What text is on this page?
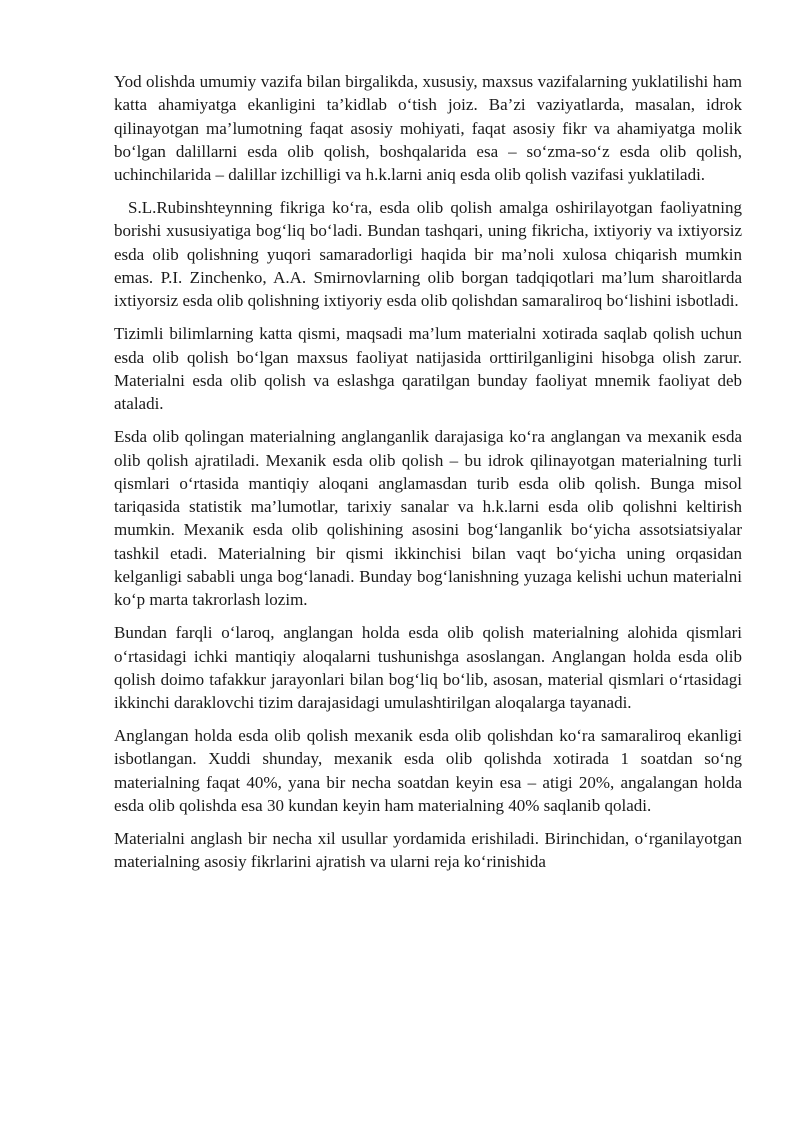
Yod olishda umumiy vazifa bilan birgalikda, xususiy, maxsus vazifalarning yuklatilishi ham katta ahamiyatga ekanligini ta’kidlab o‘tish joiz. Ba’zi vaziyatlarda, masalan, idrok qilinayotgan ma’lumotning faqat asosiy mohiyati, faqat asosiy fikr va ahamiyatga molik bo‘lgan dalillarni esda olib qolish, boshqalarida esa – so‘zma-so‘z esda olib qolish, uchinchilarida – dalillar izchilligi va h.k.larni aniq esda olib qolish vazifasi yuklatiladi.

S.L.Rubinshteynning fikriga ko‘ra, esda olib qolish amalga oshirilayotgan faoliyatning borishi xususiyatiga bog‘liq bo‘ladi. Bundan tashqari, uning fikricha, ixtiyoriy va ixtiyorsiz esda olib qolishning yuqori samaradorligi haqida bir ma’noli xulosa chiqarish mumkin emas. P.I. Zinchenko, A.A. Smirnovlarning olib borgan tadqiqotlari ma’lum sharoitlarda ixtiyorsiz esda olib qolishning ixtiyoriy esda olib qolishdan samaraliroq bo‘lishini isbotladi.

Tizimli bilimlarning katta qismi, maqsadi ma’lum materialni xotirada saqlab qolish uchun esda olib qolish bo‘lgan maxsus faoliyat natijasida orttirilganligini hisobga olish zarur. Materialni esda olib qolish va eslashga qaratilgan bunday faoliyat mnemik faoliyat deb ataladi.

Esda olib qolingan materialning anglanganlik darajasiga ko‘ra anglangan va mexanik esda olib qolish ajratiladi. Mexanik esda olib qolish – bu idrok qilinayotgan materialning turli qismlari o‘rtasida mantiqiy aloqani anglamasdan turib esda olib qolish. Bunga misol tariqasida statistik ma’lumotlar, tarixiy sanalar va h.k.larni esda olib qolishni keltirish mumkin. Mexanik esda olib qolishining asosini bog‘langanlik bo‘yicha assotsiatsiyalar tashkil etadi. Materialning bir qismi ikkinchisi bilan vaqt bo‘yicha uning orqasidan kelganligi sababli unga bog‘lanadi. Bunday bog‘lanishning yuzaga kelishi uchun materialni ko‘p marta takrorlash lozim.

Bundan farqli o‘laroq, anglangan holda esda olib qolish materialning alohida qismlari o‘rtasidagi ichki mantiqiy aloqalarni tushunishga asoslangan. Anglangan holda esda olib qolish doimo tafakkur jarayonlari bilan bog‘liq bo‘lib, asosan, material qismlari o‘rtasidagi ikkinchi daraklovchi tizim darajasidagi umulashtirilgan aloqalarga tayanadi.

Anglangan holda esda olib qolish mexanik esda olib qolishdan ko‘ra samaraliroq ekanligi isbotlangan. Xuddi shunday, mexanik esda olib qolishda xotirada 1 soatdan so‘ng materialning faqat 40%, yana bir necha soatdan keyin esa – atigi 20%, angalangan holda esda olib qolishda esa 30 kundan keyin ham materialning 40% saqlanib qoladi.

Materialni anglash bir necha xil usullar yordamida erishiladi. Birinchidan, o‘rganilayotgan materialning asosiy fikrlarini ajratish va ularni reja ko‘rinishida
